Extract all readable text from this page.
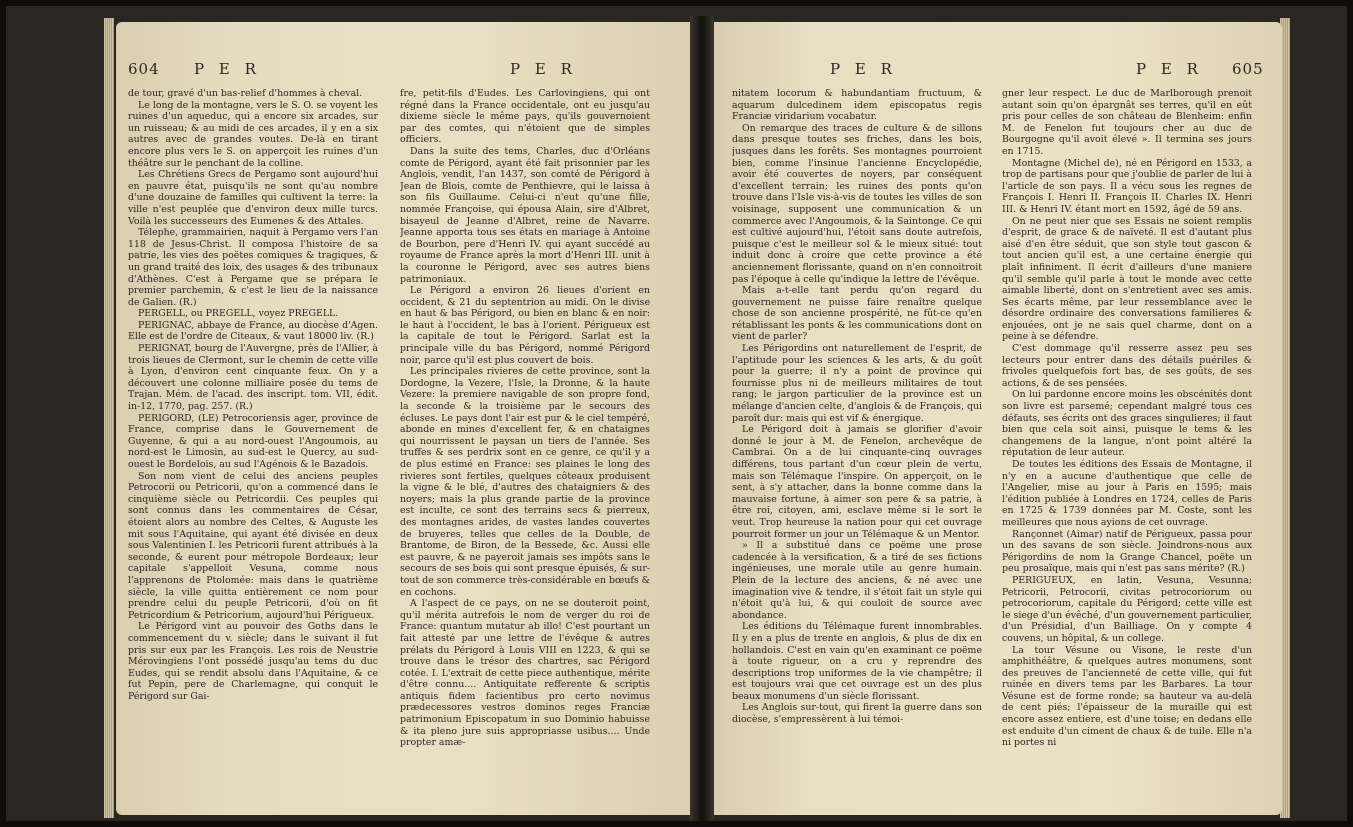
604 P E R	P E R

de tour, gravé d'un bas-relief d'hommes à cheval.

Le long de la montagne, vers le S. O. se voyent les ruines d'un aqueduc, qui a encore six arcades, sur un ruisseau; & au midi de ces arcades, il y en a six autres avec de grandes voutes. De-là en tirant encore plus vers le S. on apperçoit les ruines d'un théâtre sur le penchant de la colline.

Les Chrétiens Grecs de Pergamo sont aujourd'hui en pauvre état, puisqu'ils ne sont qu'au nombre d'une douzaine de familles qui cultivent la terre: la ville n'est peuplée que d'environ deux mille turcs. Voilà les successeurs des Eumenes & des Attales.

Télephe, grammairien, naquit à Pergamo vers l'an 118 de Jesus-Christ. Il composa l'histoire de sa patrie, les vies des poëtes comiques & tragiques, & un grand traité des loix, des usages & des tribunaux d'Athènes. C'est à Pergame que se prépara le premier parchemin, & c'est le lieu de la naissance de Galien. (R.)

PERGELL, ou PREGELL, voyez PREGELL.

PERIGNAC, abbaye de France, au diocèse d'Agen. Elle est de l'ordre de Citeaux, & vaut 18000 liv. (R.)

PERIGNAT, bourg de l'Auvergne, près de l'Allier, à trois lieues de Clermont, sur le chemin de cette ville à Lyon, d'environ cent cinquante feux. On y a découvert une colonne milliaire posée du tems de Trajan. Mém. de l'acad. des inscript. tom. VII, édit. in-12, 1770, pag. 257. (R.)

PERIGORD, (LE) Petrocoriensis ager, province de France, comprise dans le Gouvernement de Guyenne, & qui a au nord-ouest l'Angoumois, au nord-est le Limosin, au sud-est le Quercy, au sud-ouest le Bordelois, au sud l'Agénois & le Bazadois.

Son nom vient de celui des anciens peuples Petrocorii ou Petricorii, qu'on a commencé dans le cinquième siècle ou Petricordii. Ces peuples qui sont connus dans les commentaires de César, étoient alors au nombre des Celtes, & Auguste les mit sous l'Aquitaine, qui ayant été divisée en deux sous Valentinien I. les Petricorii furent attribués à la seconde, & eurent pour métropole Bordeaux; leur capitale s'appelloit Vesuna, comme nous l'apprenons de Ptolomée: mais dans le quatrième siècle, la ville quitta entièrement ce nom pour prendre celui du peuple Petricorii, d'où on fit Petricordium & Petricorium, aujourd'hui Périgueux.

Le Périgord vint au pouvoir des Goths dans le commencement du v. siècle; dans le suivant il fut pris sur eux par les François. Les rois de Neustrie Mérovingiens l'ont possédé jusqu'au tems du duc Eudes, qui se rendit absolu dans l'Aquitaine, & ce fut Pepin, pere de Charlemagne, qui conquit le Périgord sur Gai-

fre, petit-fils d'Eudes. Les Carlovingiens, qui ont régné dans la France occidentale, ont eu jusqu'au dixieme siècle le même pays, qu'ils gouvernoient par des comtes, qui n'étoient que de simples officiers.

Dans la suite des tems, Charles, duc d'Orléans comte de Périgord, ayant été fait prisonnier par les Anglois, vendit, l'an 1437, son comté de Périgord à Jean de Blois, comte de Penthievre, qui le laissa à son fils Guillaume. Celui-ci n'eut qu'une fille, nommée Françoise, qui épousa Alain, sire d'Albret, bisayeul de Jeanne d'Albret, reine de Navarre. Jeanne apporta tous ses états en mariage à Antoine de Bourbon, pere d'Henri IV. qui ayant succédé au royaume de France après la mort d'Henri III. unit à la couronne le Périgord, avec ses autres biens patrimoniaux.

Le Périgord a environ 26 lieues d'orient en occident, & 21 du septentrion au midi. On le divise en haut & bas Périgord, ou bien en blanc & en noir: le haut à l'occident, le bas à l'orient. Périgueux est la capitale de tout le Périgord. Sarlat est la principale ville du bas Périgord, nommé Périgord noir, parce qu'il est plus couvert de bois.

Les principales rivieres de cette province, sont la Dordogne, la Vezere, l'Isle, la Dronne, & la haute Vezere: la premiere navigable de son propre fond, la seconde & la troisième par le secours des écluses. Le pays dont l'air est pur & le ciel tempéré, abonde en mines d'excellent fer, & en chataignes qui nourrissent le paysan un tiers de l'année. Ses truffes & ses perdrix sont en ce genre, ce qu'il y a de plus estimé en France: ses plaines le long des rivieres sont fertiles, quelques côteaux produisent la vigne & le blé, d'autres des chataigniers & des noyers; mais la plus grande partie de la province est inculte, ce sont des terrains secs & pierreux, des montagnes arides, de vastes landes couvertes de bruyeres, telles que celles de la Double, de Brantome, de Biron, de la Bessede, &c. Aussi elle est pauvre, & ne payeroit jamais ses impôts sans le secours de ses bois qui sont presque épuisés, & sur-tout de son commerce très-considérable en bœufs & en cochons.

A l'aspect de ce pays, on ne se douteroit point, qu'il mérita autrefois le nom de verger du roi de France: quantum mutatur ab illo! C'est pourtant un fait attesté par une lettre de l'évêque & autres prélats du Périgord à Louis VIII en 1223, & qui se trouve dans le trésor des chartres, sac Périgord cotée. I. L'extrait de cette piece authentique, mérite d'être connu.... Antiquitate refferente & scriptis antiquis fidem facientibus pro certo novimus prædecessores vestros dominos reges Franciæ patrimonium Episcopatum in suo Dominio habuisse & ita pleno jure suis appropriasse usibus.... Unde propter amæ-

P E R	P E R 605

nitatem locorum & habundantiam fructuum, & aquarum dulcedinem idem episcopatus regis Franciæ viridarium vocabatur.

On remarque des traces de culture & de sillons dans presque toutes ses friches, dans les bois, jusques dans les forêts. Ses montagnes pourroient bien, comme l'insinue l'ancienne Encyclopédie, avoir été couvertes de noyers, par conséquent d'excellent terrain; les ruines des ponts qu'on trouve dans l'Isle vis-à-vis de toutes les villes de son voisinage, supposent une communication & un commerce avec l'Angoumois, & la Saintonge. Ce qui est cultivé aujourd'hui, l'étoit sans doute autrefois, puisque c'est le meilleur sol & le mieux situé: tout induit donc à croire que cette province a été anciennement florissante, quand on n'en connoitroit pas l'époque à celle qu'indique la lettre de l'évêque.

Mais a-t-elle tant perdu qu'on regard du gouvernement ne puisse faire renaître quelque chose de son ancienne prospérité, ne fût-ce qu'en rétablissant les ponts & les communications dont on vient de parler?

Les Périgordins ont naturellement de l'esprit, de l'aptitude pour les sciences & les arts, & du goût pour la guerre; il n'y a point de province qui fournisse plus ni de meilleurs militaires de tout rang; le jargon particulier de la province est un mélange d'ancien celte, d'anglois & de François, qui paroît dur: mais qui est vif & énergique.

Le Périgord doit à jamais se glorifier d'avoir donné le jour à M. de Fenelon, archevêque de Cambrai. On a de lui cinquante-cinq ouvrages différens, tous partant d'un cœur plein de vertu, mais son Télémaque l'inspire. On apperçoit, on le sent, à s'y attacher, dans la bonne comme dans la mauvaise fortune, à aimer son pere & sa patrie, à être roi, citoyen, ami, esclave même si le sort le veut. Trop heureuse la nation pour qui cet ouvrage pourroit former un jour un Télémaque & un Mentor.

» Il a substitué dans ce poëme une prose cadencée à la versification, & a tiré de ses fictions ingénieuses, une morale utile au genre humain. Plein de la lecture des anciens, & né avec une imagination vive & tendre, il s'étoit fait un style qui n'étoit qu'à lui, & qui couloit de source avec abondance.

Les éditions du Télémaque furent innombrables. Il y en a plus de trente en anglois, & plus de dix en hollandois. C'est en vain qu'en examinant ce poëme à toute rigueur, on a cru y reprendre des descriptions trop uniformes de la vie champêtre; il est toujours vrai que cet ouvrage est un des plus beaux monumens d'un siècle florissant.

Les Anglois sur-tout, qui firent la guerre dans son diocèse, s'empressèrent à lui témoi-

gner leur respect. Le duc de Marlborough prenoit autant soin qu'on épargnât ses terres, qu'il en eût pris pour celles de son château de Blenheim: enfin M. de Fenelon fut toujours cher au duc de Bourgogne qu'il avoit élevé ». Il termina ses jours en 1715.

Montagne (Michel de), né en Périgord en 1533, a trop de partisans pour que j'oublie de parler de lui à l'article de son pays. Il a vécu sous les regnes de François I. Henri II. François II. Charles IX. Henri III. & Henri IV. étant mort en 1592, âgé de 59 ans.

On ne peut nier que ses Essais ne soient remplis d'esprit, de grace & de naïveté. Il est d'autant plus aisé d'en être séduit, que son style tout gascon & tout ancien qu'il est, a une certaine énergie qui plaît infiniment. Il écrit d'ailleurs d'une maniere qu'il semble qu'il parle à tout le monde avec cette aimable liberté, dont on s'entretient avec ses amis. Ses écarts même, par leur ressemblance avec le désordre ordinaire des conversations familieres & enjouées, ont je ne sais quel charme, dont on a peine à se défendre.

C'est dommage qu'il resserre assez peu ses lecteurs pour entrer dans des détails puériles & frivoles quelquefois fort bas, de ses goûts, de ses actions, & de ses pensées.

On lui pardonne encore moins les obscénités dont son livre est parsemé; cependant malgré tous ces défauts, ses écrits ont des graces singulieres; il faut bien que cela soit ainsi, puisque le tems & les changemens de la langue, n'ont point altéré la réputation de leur auteur.

De toutes les éditions des Essais de Montagne, il n'y en a aucune d'authentique que celle de l'Angelier, mise au jour à Paris en 1595; mais l'édition publiée à Londres en 1724, celles de Paris en 1725 & 1739 données par M. Coste, sont les meilleures que nous ayions de cet ouvrage.

Rançonnet (Aimar) natif de Périgueux, passa pour un des savans de son siècle. Joindrons-nous aux Périgordins de nom la Grange Chancel, poëte un peu prosaïque, mais qui n'est pas sans mérite? (R.)

PERIGUEUX, en latin, Vesuna, Vesunna; Petricorii, Petrocorii, civitas petrocoriorum ou petrocoriorum, capitale du Périgord; cette ville est le siege d'un évêché, d'un gouvernement particulier, d'un Présidial, d'un Bailliage. On y compte 4 couvens, un hôpital, & un college.

La tour Vésune ou Visone, le reste d'un amphithéâtre, & quelques autres monumens, sont des preuves de l'ancienneté de cette ville, qui fut ruinée en divers tems par les Barbares. La tour Vésune est de forme ronde; sa hauteur va au-delà de cent piés; l'épaisseur de la muraille qui est encore assez entiere, est d'une toise; en dedans elle est enduite d'un ciment de chaux & de tuile. Elle n'a ni portes ni
